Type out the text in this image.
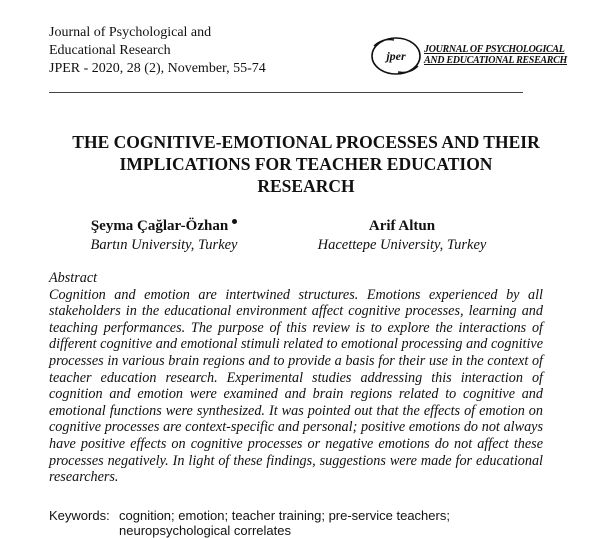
Journal of Psychological and
Educational Research
JPER - 2020, 28 (2), November, 55-74
jper JOURNAL OF PSYCHOLOGICAL
AND EDUCATIONAL RESEARCH
THE COGNITIVE-EMOTIONAL PROCESSES AND THEIR
IMPLICATIONS FOR TEACHER EDUCATION
RESEARCH
Şeyma Çağlar-Özhan
Bartın University, Turkey
Arif Altun
Hacettepe University, Turkey
Abstract
Cognition and emotion are intertwined structures. Emotions experienced by all stakeholders in the educational environment affect cognitive processes, learning and teaching performances. The purpose of this review is to explore the interactions of different cognitive and emotional stimuli related to emotional processing and cognitive processes in various brain regions and to provide a basis for their use in the context of teacher education research. Experimental studies addressing this interaction of cognition and emotion were examined and brain regions related to cognitive and emotional functions were synthesized. It was pointed out that the effects of emotion on cognitive processes are context-specific and personal; positive emotions do not always have positive effects on cognitive processes or negative emotions do not affect these processes negatively. In light of these findings, suggestions were made for educational researchers.
Keywords: cognition; emotion; teacher training; pre-service teachers; neuropsychological correlates
